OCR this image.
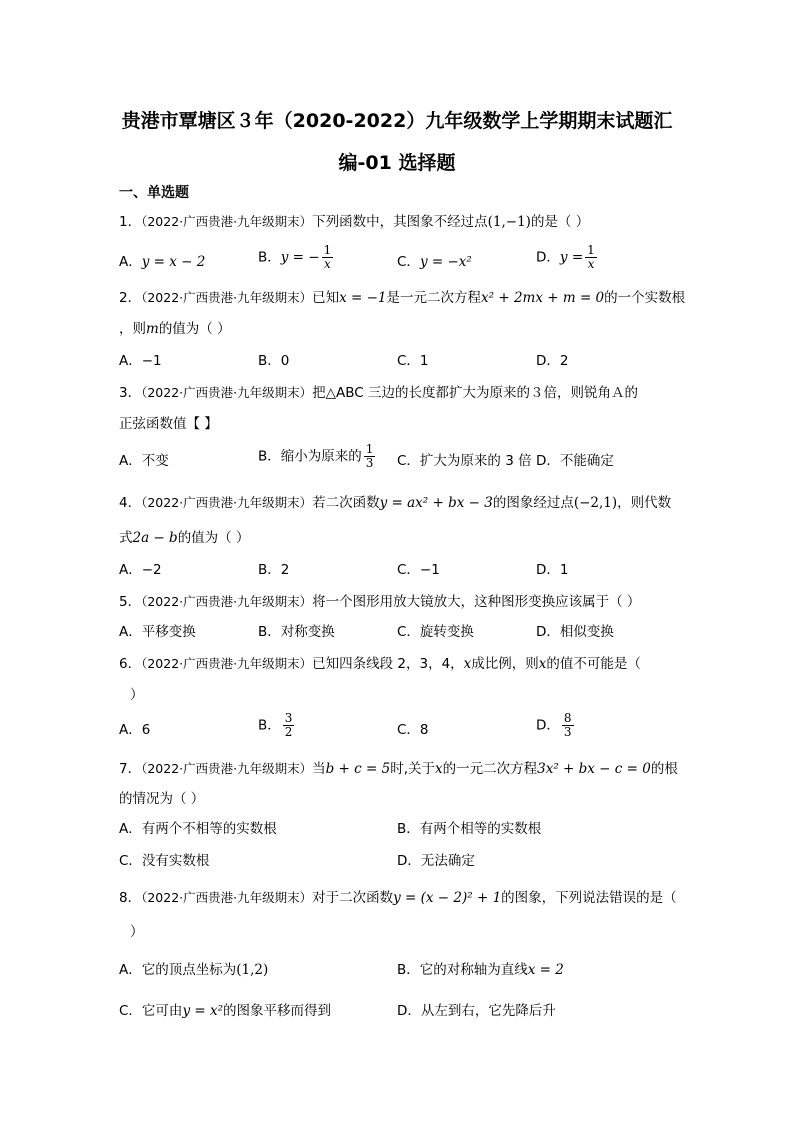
贵港市覃塘区３年（2020-2022）九年级数学上学期期末试题汇
编-01 选择题
一、单选题
1．（2022·广西贵港·九年级期末）下列函数中，其图象不经过点(1,−1)的是（ ）
A．y = x − 2	B．y = − $\frac{1}{x}$	C．y = −x²	D．$y = \frac{1}{x}$
2．（2022·广西贵港·九年级期末）已知x = −1是一元二次方程x² + 2mx + m = 0的一个实数根
，则m的值为（ ）
A．−1	B．0	C．1	D．2
3．（2022·广西贵港·九年级期末）把△ABC 三边的长度都扩大为原来的３倍，则锐角Ａ的
正弦函数值【 】
A．不变	B．缩小为原来的 $\frac{1}{3}$ C．扩大为原来的 3 倍 D．不能确定
4．（2022·广西贵港·九年级期末）若二次函数y = ax² + bx − 3的图象经过点(−2,1)，则代数
式2a − b的值为（ ）
A．−2	B．2	C．−1	D．1
5．（2022·广西贵港·九年级期末）将一个图形用放大镜放大，这种图形变换应该属于（ ）
A．平移变换	B．对称变换	C．旋转变换	D．相似变换
6．（2022·广西贵港·九年级期末）已知四条线段 2，3，4，x成比例，则x的值不可能是（
）
A．6	B． $\frac{3}{2}$	C．8	D． $\frac{8}{3}$
7．（2022·广西贵港·九年级期末）当b + c = 5时,关于x的一元二次方程3x² + bx − c = 0的根
的情况为（ ）
A．有两个不相等的实数根	B．有两个相等的实数根
C．没有实数根	D．无法确定
8．（2022·广西贵港·九年级期末）对于二次函数y = (x − 2)² + 1的图象，下列说法错误的是（
）
A．它的顶点坐标为(1,2)	B．它的对称轴为直线x = 2
C．它可由y = x²的图象平移而得到	D．从左到右，它先降后升
